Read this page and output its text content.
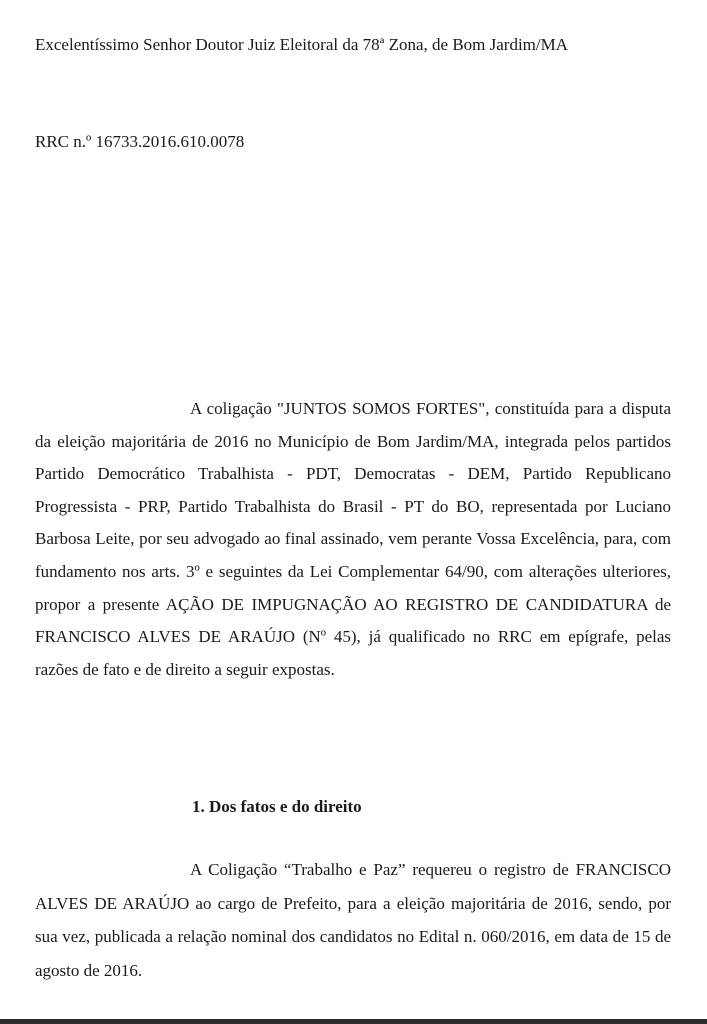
Excelentíssimo Senhor Doutor Juiz Eleitoral da 78ª Zona, de Bom Jardim/MA
RRC n.º 16733.2016.610.0078

A coligação "JUNTOS SOMOS FORTES", constituída para a disputa da eleição majoritária de 2016 no Município de Bom Jardim/MA, integrada pelos partidos Partido Democrático Trabalhista - PDT, Democratas - DEM, Partido Republicano Progressista - PRP, Partido Trabalhista do Brasil - PT do BO, representada por Luciano Barbosa Leite, por seu advogado ao final assinado, vem perante Vossa Excelência, para, com fundamento nos arts. 3º e seguintes da Lei Complementar 64/90, com alterações ulteriores, propor a presente AÇÃO DE IMPUGNAÇÃO AO REGISTRO DE CANDIDATURA de FRANCISCO ALVES DE ARAÚJO (Nº 45), já qualificado no RRC em epígrafe, pelas razões de fato e de direito a seguir expostas.

1. Dos fatos e do direito

A Coligação “Trabalho e Paz” requereu o registro de FRANCISCO ALVES DE ARAÚJO ao cargo de Prefeito, para a eleição majoritária de 2016, sendo, por sua vez, publicada a relação nominal dos candidatos no Edital n. 060/2016, em data de 15 de agosto de 2016.
